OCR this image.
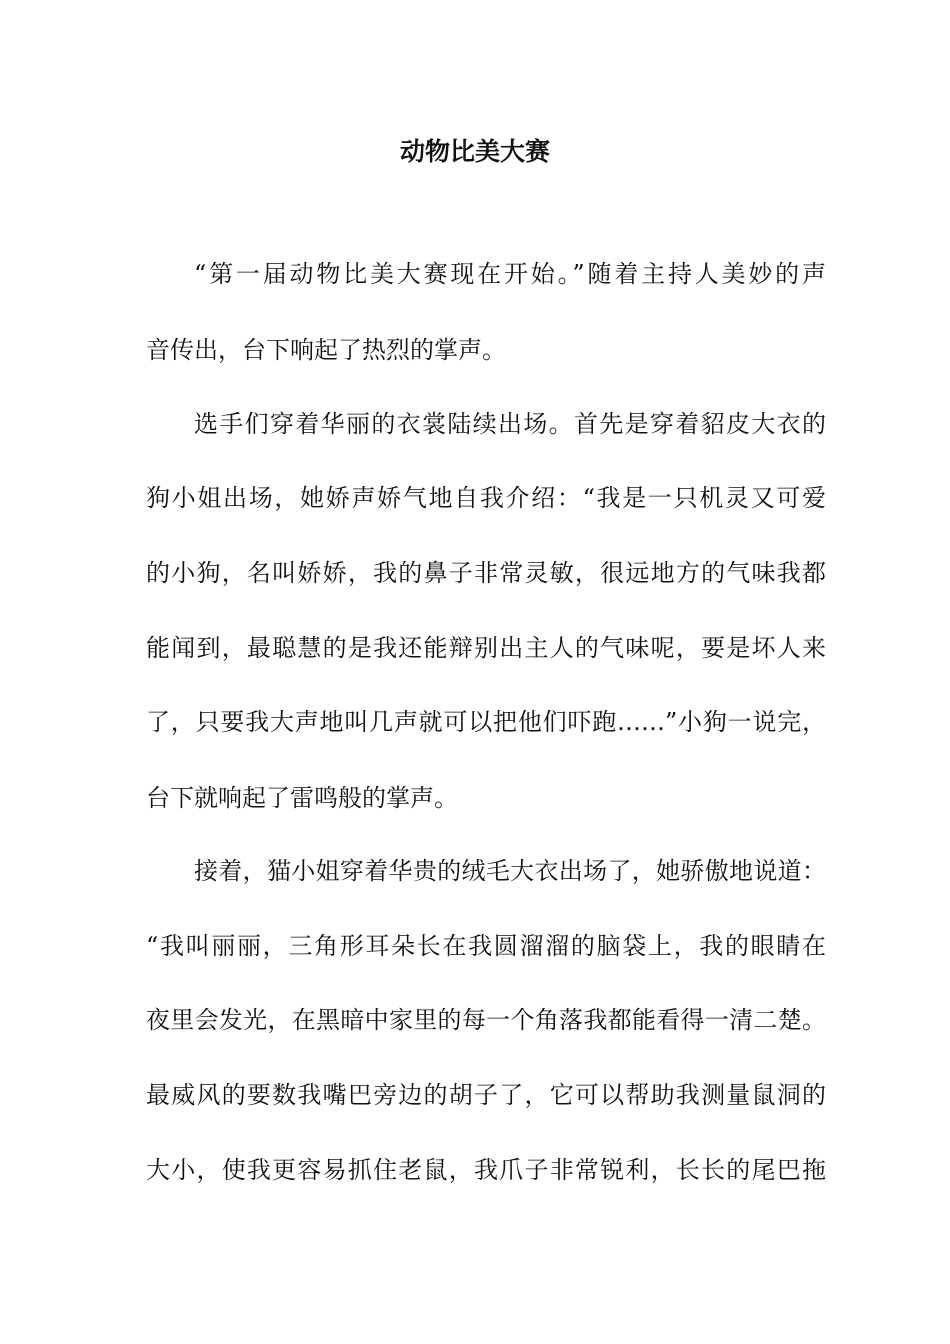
动物比美大赛
“第一届动物比美大赛现在开始。”随着主持人美妙的声
音传出，台下响起了热烈的掌声。
选手们穿着华丽的衣裳陆续出场。首先是穿着貂皮大衣的
狗小姐出场，她娇声娇气地自我介绍：“我是一只机灵又可爱
的小狗，名叫娇娇，我的鼻子非常灵敏，很远地方的气味我都
能闻到，最聪慧的是我还能辩别出主人的气味呢，要是坏人来
了，只要我大声地叫几声就可以把他们吓跑……”小狗一说完，
台下就响起了雷鸣般的掌声。
接着，猫小姐穿着华贵的绒毛大衣出场了，她骄傲地说道：
“我叫丽丽，三角形耳朵长在我圆溜溜的脑袋上，我的眼睛在
夜里会发光，在黑暗中家里的每一个角落我都能看得一清二楚。
最威风的要数我嘴巴旁边的胡子了，它可以帮助我测量鼠洞的
大小，使我更容易抓住老鼠，我爪子非常锐利，长长的尾巴拖
